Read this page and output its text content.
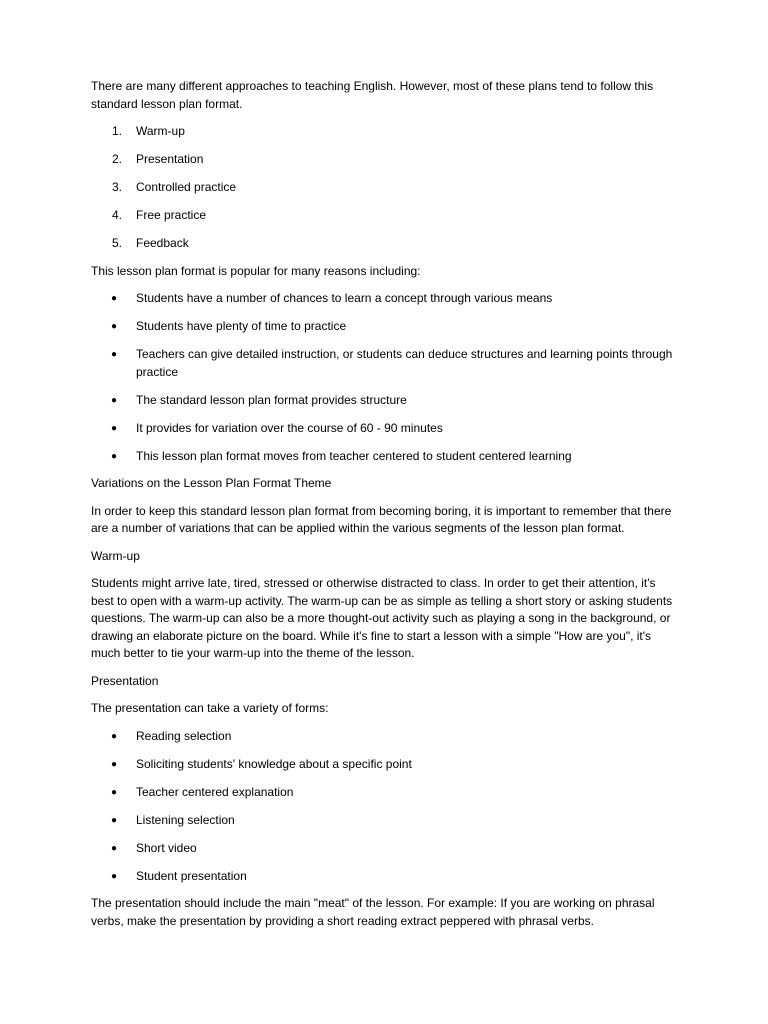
There are many different approaches to teaching English. However, most of these plans tend to follow this standard lesson plan format.

1. Warm-up
2. Presentation
3. Controlled practice
4. Free practice
5. Feedback

This lesson plan format is popular for many reasons including:

● Students have a number of chances to learn a concept through various means
● Students have plenty of time to practice
● Teachers can give detailed instruction, or students can deduce structures and learning points through practice
● The standard lesson plan format provides structure
● It provides for variation over the course of 60 - 90 minutes
● This lesson plan format moves from teacher centered to student centered learning

Variations on the Lesson Plan Format Theme

In order to keep this standard lesson plan format from becoming boring, it is important to remember that there are a number of variations that can be applied within the various segments of the lesson plan format.

Warm-up

Students might arrive late, tired, stressed or otherwise distracted to class. In order to get their attention, it's best to open with a warm-up activity. The warm-up can be as simple as telling a short story or asking students questions. The warm-up can also be a more thought-out activity such as playing a song in the background, or drawing an elaborate picture on the board. While it's fine to start a lesson with a simple "How are you", it's much better to tie your warm-up into the theme of the lesson.

Presentation

The presentation can take a variety of forms:

● Reading selection
● Soliciting students' knowledge about a specific point
● Teacher centered explanation
● Listening selection
● Short video
● Student presentation

The presentation should include the main "meat" of the lesson. For example: If you are working on phrasal verbs, make the presentation by providing a short reading extract peppered with phrasal verbs.
